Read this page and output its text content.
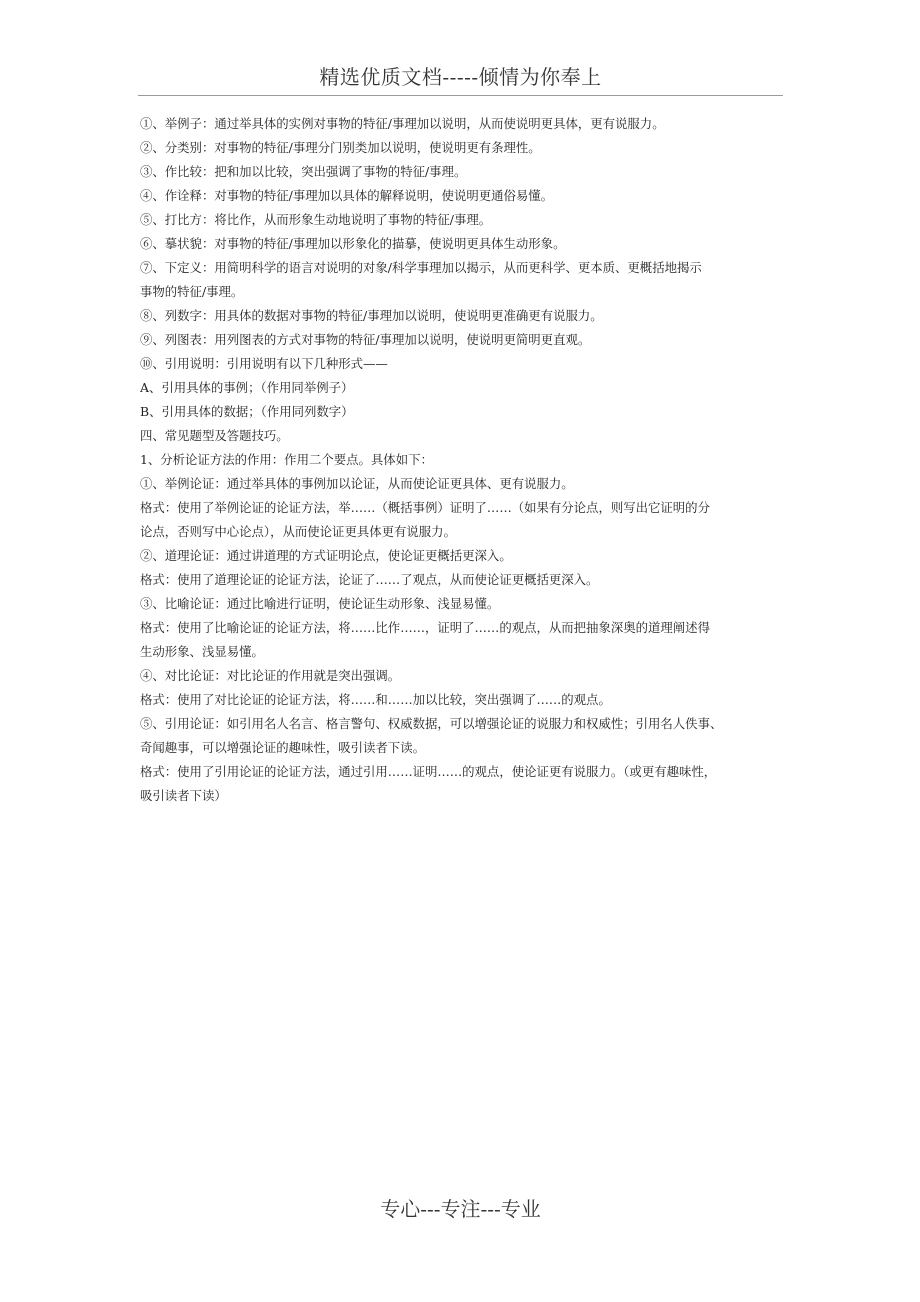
精选优质文档-----倾情为你奉上
①、举例子：通过举具体的实例对事物的特征/事理加以说明，从而使说明更具体，更有说服力。
②、分类别：对事物的特征/事理分门别类加以说明，使说明更有条理性。
③、作比较：把和加以比较，突出强调了事物的特征/事理。
④、作诠释：对事物的特征/事理加以具体的解释说明，使说明更通俗易懂。
⑤、打比方：将比作，从而形象生动地说明了事物的特征/事理。
⑥、摹状貌：对事物的特征/事理加以形象化的描摹，使说明更具体生动形象。
⑦、下定义：用简明科学的语言对说明的对象/科学事理加以揭示，从而更科学、更本质、更概括地揭示
事物的特征/事理。
⑧、列数字：用具体的数据对事物的特征/事理加以说明，使说明更准确更有说服力。
⑨、列图表：用列图表的方式对事物的特征/事理加以说明，使说明更简明更直观。
⑩、引用说明：引用说明有以下几种形式——
A、引用具体的事例；（作用同举例子）
B、引用具体的数据；（作用同列数字）
四、常见题型及答题技巧。
1、分析论证方法的作用：作用二个要点。具体如下：
①、举例论证：通过举具体的事例加以论证，从而使论证更具体、更有说服力。
格式：使用了举例论证的论证方法，举……（概括事例）证明了……（如果有分论点，则写出它证明的分
论点，否则写中心论点），从而使论证更具体更有说服力。
②、道理论证：通过讲道理的方式证明论点，使论证更概括更深入。
格式：使用了道理论证的论证方法，论证了……了观点，从而使论证更概括更深入。
③、比喻论证：通过比喻进行证明，使论证生动形象、浅显易懂。
格式：使用了比喻论证的论证方法，将……比作……，证明了……的观点，从而把抽象深奥的道理阐述得
生动形象、浅显易懂。
④、对比论证：对比论证的作用就是突出强调。
格式：使用了对比论证的论证方法，将……和……加以比较，突出强调了……的观点。
⑤、引用论证：如引用名人名言、格言警句、权威数据，可以增强论证的说服力和权威性；引用名人佚事、
奇闻趣事，可以增强论证的趣味性，吸引读者下读。
格式：使用了引用论证的论证方法，通过引用……证明……的观点，使论证更有说服力。（或更有趣味性，
吸引读者下读）
专心---专注---专业
